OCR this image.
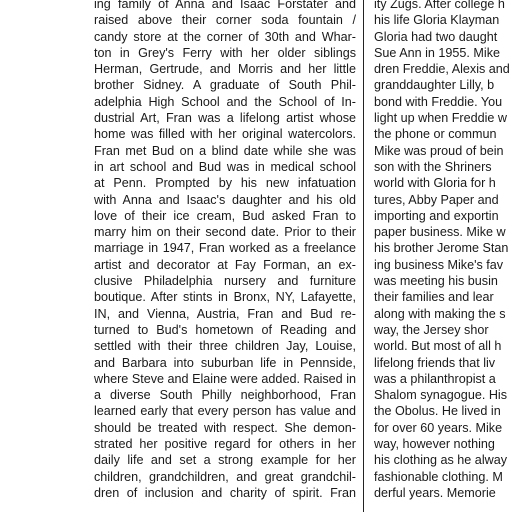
ing family of Anna and Isaac Forstater and
raised above their corner soda fountain /
candy store at the corner of 30th and Whar-
ton in Grey's Ferry with her older siblings
Herman, Gertrude, and Morris and her little
brother Sidney. A graduate of South Phil-
adelphia High School and the School of In-
dustrial Art, Fran was a lifelong artist whose
home was filled with her original watercolors.
Fran met Bud on a blind date while she was
in art school and Bud was in medical school
at Penn. Prompted by his new infatuation
with Anna and Isaac's daughter and his old
love of their ice cream, Bud asked Fran to
marry him on their second date. Prior to their
marriage in 1947, Fran worked as a freelance
artist and decorator at Fay Forman, an ex-
clusive Philadelphia nursery and furniture
boutique. After stints in Bronx, NY, Lafayette,
IN, and Vienna, Austria, Fran and Bud re-
turned to Bud's hometown of Reading and
settled with their three children Jay, Louise,
and Barbara into suburban life in Pennside,
where Steve and Elaine were added. Raised in
a diverse South Philly neighborhood, Fran
learned early that every person has value and
should be treated with respect. She demon-
strated her positive regard for others in her
daily life and set a strong example for her
children, grandchildren, and great grandchil-
dren of inclusion and charity of spirit. Fran
ity Zugs. After college h
his life Gloria Klayman
Gloria had two daught
Sue Ann in 1955. Mike
dren Freddie, Alexis and
granddaughter Lilly, b
bond with Freddie. You
light up when Freddie w
the phone or commun
Mike was proud of bein
son with the Shriners
world with Gloria for h
tures, Abby Paper and
importing and exportin
paper business. Mike w
his brother Jerome Stan
ing business Mike's fav
was meeting his busin
their families and lear
along with making the s
way, the Jersey shor
world. But most of all h
lifelong friends that liv
was a philanthropist a
Shalom synagogue. His
the Obolus. He lived in
for over 60 years. Mike
way, however nothing
his clothing as he alway
fashionable clothing. M
derful years. Memorie
